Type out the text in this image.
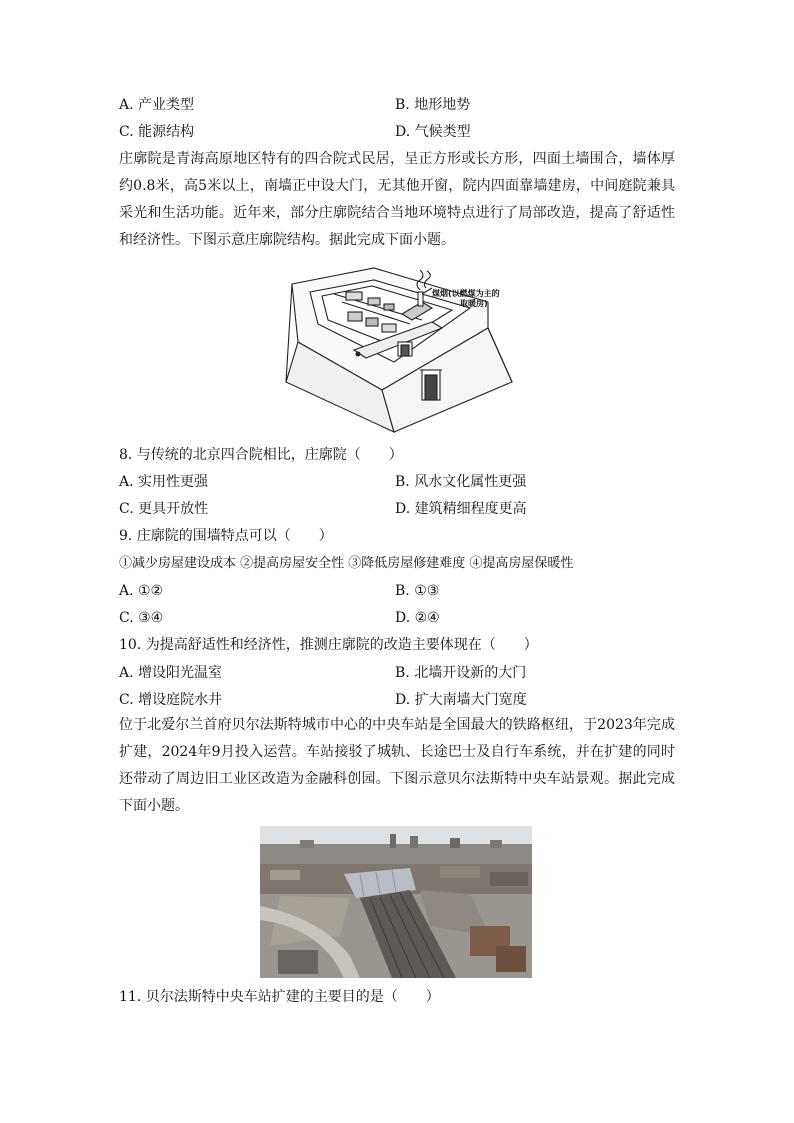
A. 产业类型	B. 地形地势
C. 能源结构	D. 气候类型
庄廓院是青海高原地区特有的四合院式民居，呈正方形或长方形，四面土墙围合，墙体厚约0.8米，高5米以上，南墙正中设大门，无其他开窗，院内四面靠墙建房，中间庭院兼具采光和生活功能。近年来，部分庄廓院结合当地环境特点进行了局部改造，提高了舒适性和经济性。下图示意庄廓院结构。据此完成下面小题。
煤烟(以燃煤为主的
取暖房)
8. 与传统的北京四合院相比，庄廓院（　　）
A. 实用性更强	B. 风水文化属性更强
C. 更具开放性	D. 建筑精细程度更高
9. 庄廓院的围墙特点可以（　　）
①减少房屋建设成本 ②提高房屋安全性 ③降低房屋修建难度 ④提高房屋保暖性
A. ①②	B. ①③
C. ③④	D. ②④
10. 为提高舒适性和经济性，推测庄廓院的改造主要体现在（　　）
A. 增设阳光温室	B. 北墙开设新的大门
C. 增设庭院水井	D. 扩大南墙大门宽度
位于北爱尔兰首府贝尔法斯特城市中心的中央车站是全国最大的铁路枢纽，于2023年完成扩建，2024年9月投入运营。车站接驳了城轨、长途巴士及自行车系统，并在扩建的同时还带动了周边旧工业区改造为金融科创园。下图示意贝尔法斯特中央车站景观。据此完成下面小题。
11. 贝尔法斯特中央车站扩建的主要目的是（　　）
